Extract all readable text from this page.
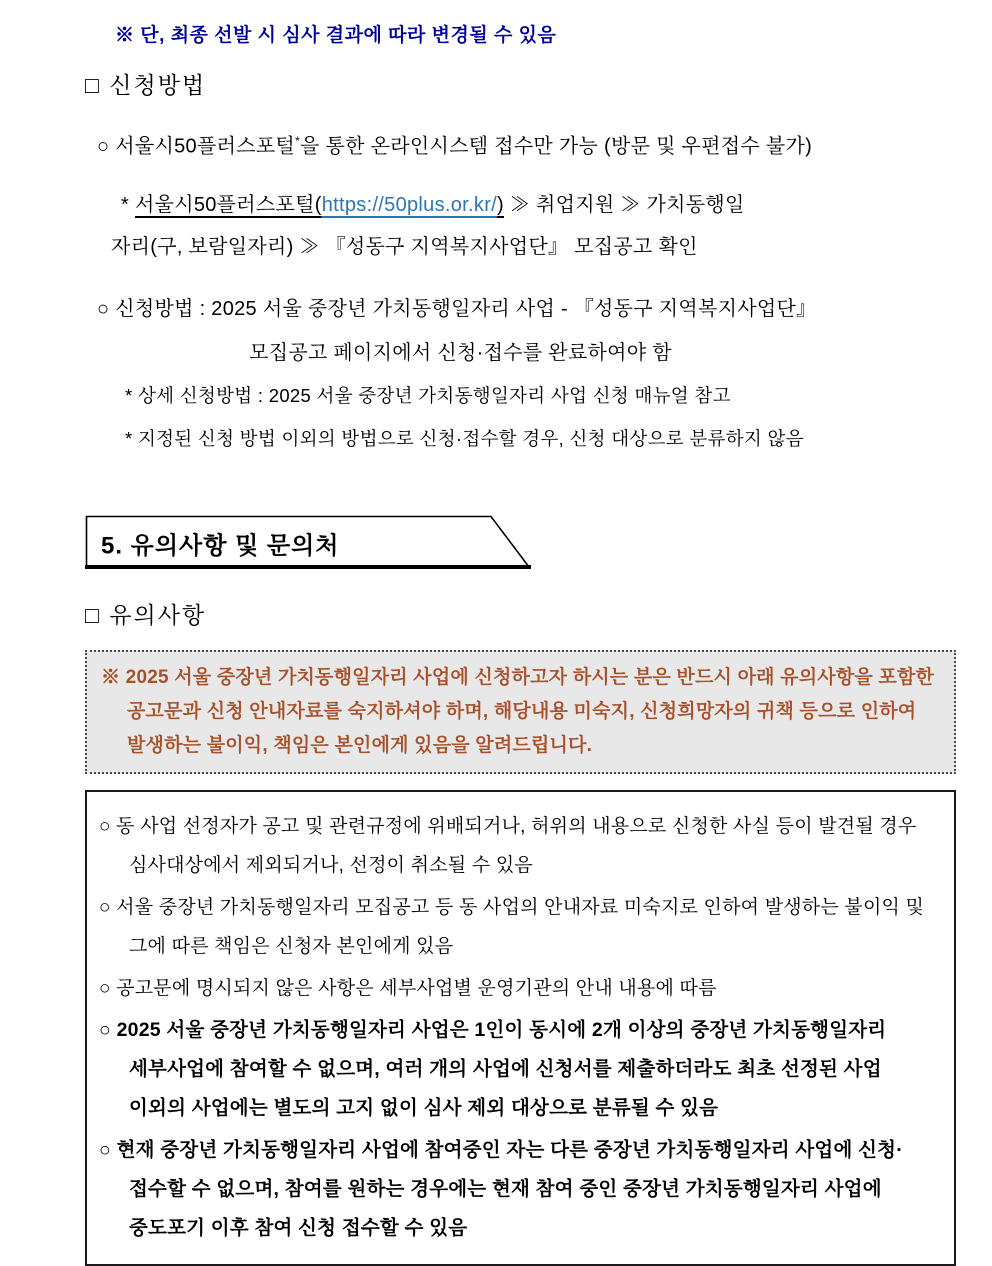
※ 단, 최종 선발 시 심사 결과에 따라 변경될 수 있음
□ 신청방법
○ 서울시50플러스포털*을 통한 온라인시스템 접수만 가능 (방문 및 우편접수 불가)
* 서울시50플러스포털(https://50plus.or.kr/) ≫ 취업지원 ≫ 가치동행일
자리(구, 보람일자리) ≫ 『성동구 지역복지사업단』 모집공고 확인
○ 신청방법 : 2025 서울 중장년 가치동행일자리 사업 - 『성동구 지역복지사업단』
모집공고 페이지에서 신청·접수를 완료하여야 함
* 상세 신청방법 : 2025 서울 중장년 가치동행일자리 사업 신청 매뉴얼 참고
* 지정된 신청 방법 이외의 방법으로 신청·접수할 경우, 신청 대상으로 분류하지 않음
5. 유의사항 및 문의처
□ 유의사항
※ 2025 서울 중장년 가치동행일자리 사업에 신청하고자 하시는 분은 반드시 아래 유의사항을 포함한 공고문과 신청 안내자료를 숙지하셔야 하며, 해당내용 미숙지, 신청희망자의 귀책 등으로 인하여 발생하는 불이익, 책임은 본인에게 있음을 알려드립니다.
○ 동 사업 선정자가 공고 및 관련규정에 위배되거나, 허위의 내용으로 신청한 사실 등이 발견될 경우 심사대상에서 제외되거나, 선정이 취소될 수 있음
○ 서울 중장년 가치동행일자리 모집공고 등 동 사업의 안내자료 미숙지로 인하여 발생하는 불이익 및 그에 따른 책임은 신청자 본인에게 있음
○ 공고문에 명시되지 않은 사항은 세부사업별 운영기관의 안내 내용에 따름
○ 2025 서울 중장년 가치동행일자리 사업은 1인이 동시에 2개 이상의 중장년 가치동행일자리 세부사업에 참여할 수 없으며, 여러 개의 사업에 신청서를 제출하더라도 최초 선정된 사업 이외의 사업에는 별도의 고지 없이 심사 제외 대상으로 분류될 수 있음
○ 현재 중장년 가치동행일자리 사업에 참여중인 자는 다른 중장년 가치동행일자리 사업에 신청·접수할 수 없으며, 참여를 원하는 경우에는 현재 참여 중인 중장년 가치동행일자리 사업에 중도포기 이후 참여 신청 접수할 수 있음
